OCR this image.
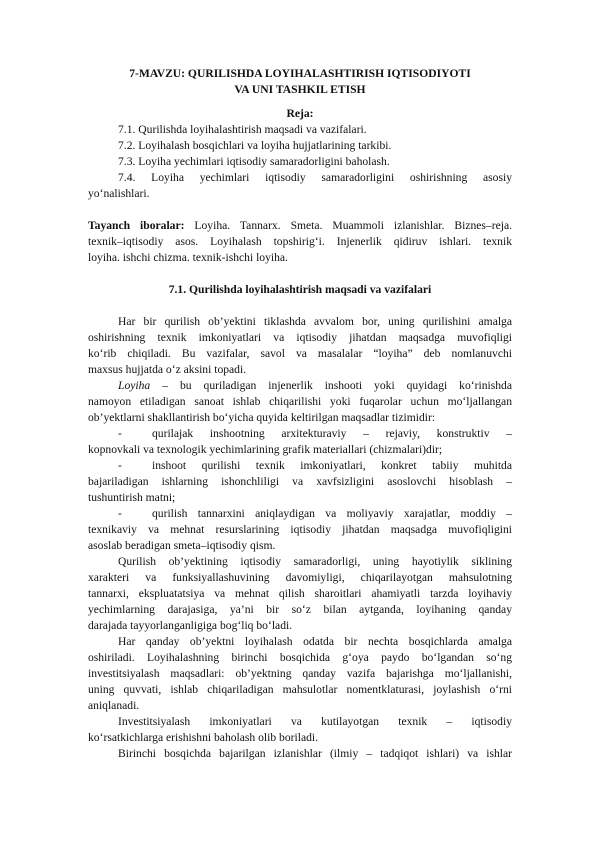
7-MAVZU: QURILISHDA LOYIHALASHTIRISH IQTISODIYOTI
VA UNI TASHKIL ETISH

Reja:

7.1. Qurilishda loyihalashtirish maqsadi va vazifalari.

7.2. Loyihalash bosqichlari va loyiha hujjatlarining tarkibi.

7.3. Loyiha yechimlari iqtisodiy samaradorligini baholash.

7.4. Loyiha yechimlari iqtisodiy samaradorligini oshirishning asosiy

yo‘nalishlari.

Tayanch iboralar: Loyiha. Tannarx. Smeta. Muammoli izlanishlar. Biznes–reja.

texnik–iqtisodiy asos. Loyihalash topshirig‘i. Injenerlik qidiruv ishlari. texnik

loyiha. ishchi chizma. texnik-ishchi loyiha.

7.1. Qurilishda loyihalashtirish maqsadi va vazifalari

Har bir qurilish ob’yektini tiklashda avvalom bor, uning qurilishini amalga

oshirishning texnik imkoniyatlari va iqtisodiy jihatdan maqsadga muvofiqligi

ko‘rib chiqiladi. Bu vazifalar, savol va masalalar “loyiha” deb nomlanuvchi

maxsus hujjatda o‘z aksini topadi.

Loyiha – bu quriladigan injenerlik inshooti yoki quyidagi ko‘rinishda

namoyon etiladigan sanoat ishlab chiqarilishi yoki fuqarolar uchun mo‘ljallangan

ob’yektlarni shakllantirish bo‘yicha quyida keltirilgan maqsadlar tizimidir:

-	qurilajak inshootning arxitekturaviy – rejaviy, konstruktiv –

kopnovkali va texnologik yechimlarining grafik materiallari (chizmalari)dir;

-	inshoot qurilishi texnik imkoniyatlari, konkret tabiiy muhitda

bajariladigan ishlarning ishonchliligi va xavfsizligini asoslovchi hisoblash –

tushuntirish matni;

-	qurilish tannarxini aniqlaydigan va moliyaviy xarajatlar, moddiy –

texnikaviy va mehnat resurslarining iqtisodiy jihatdan maqsadga muvofiqligini

asoslab beradigan smeta–iqtisodiy qism.

Qurilish ob’yektining iqtisodiy samaradorligi, uning hayotiylik siklining

xarakteri va funksiyallashuvining davomiyligi, chiqarilayotgan mahsulotning

tannarxi, ekspluatatsiya va mehnat qilish sharoitlari ahamiyatli tarzda loyihaviy

yechimlarning darajasiga, ya’ni bir so‘z bilan aytganda, loyihaning qanday

darajada tayyorlanganligiga bog‘liq bo‘ladi.

Har qanday ob’yektni loyihalash odatda bir nechta bosqichlarda amalga

oshiriladi. Loyihalashning birinchi bosqichida g‘oya paydo bo‘lgandan so‘ng

investitsiyalash maqsadlari: ob’yektning qanday vazifa bajarishga mo‘ljallanishi,

uning quvvati, ishlab chiqariladigan mahsulotlar nomentklaturasi, joylashish o‘rni

aniqlanadi.

Investitsiyalash imkoniyatlari va kutilayotgan texnik – iqtisodiy

ko‘rsatkichlarga erishishni baholash olib boriladi.

Birinchi bosqichda bajarilgan izlanishlar (ilmiy – tadqiqot ishlari) va ishlar
